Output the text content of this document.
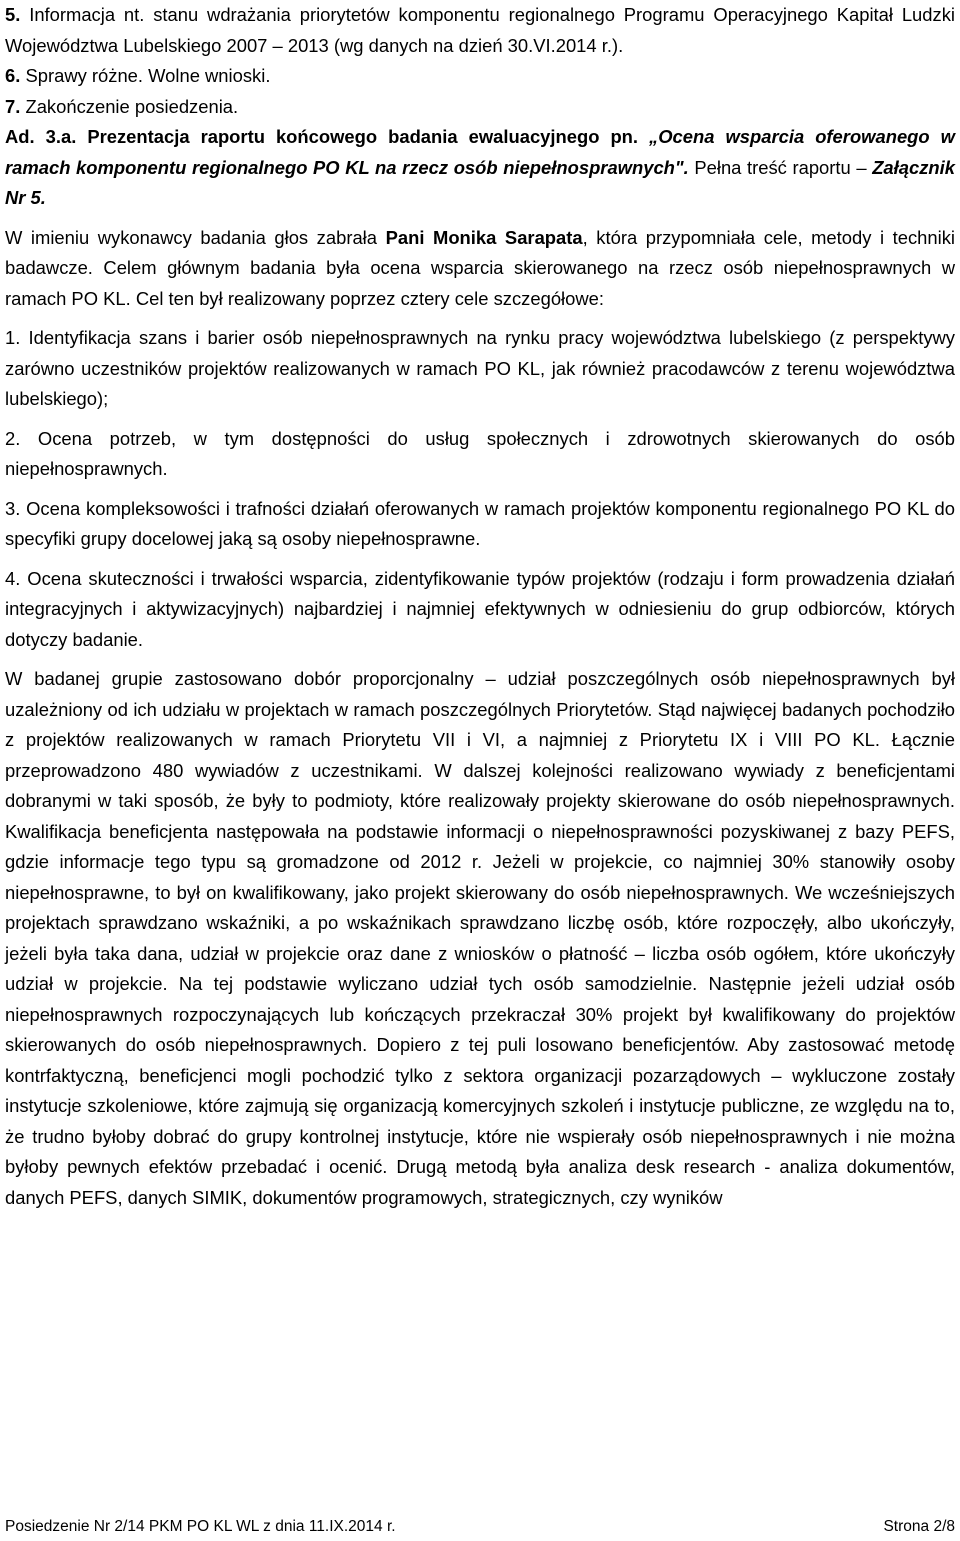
5. Informacja nt. stanu wdrażania priorytetów komponentu regionalnego Programu Operacyjnego Kapitał Ludzki Województwa Lubelskiego 2007 – 2013 (wg danych na dzień 30.VI.2014 r.).

6. Sprawy różne. Wolne wnioski.

7. Zakończenie posiedzenia.

Ad. 3.a. Prezentacja raportu końcowego badania ewaluacyjnego pn. „Ocena wsparcia oferowanego w ramach komponentu regionalnego PO KL na rzecz osób niepełnosprawnych". Pełna treść raportu – Załącznik Nr 5.

W imieniu wykonawcy badania głos zabrała Pani Monika Sarapata, która przypomniała cele, metody i techniki badawcze. Celem głównym badania była ocena wsparcia skierowanego na rzecz osób niepełnosprawnych w ramach PO KL. Cel ten był realizowany poprzez cztery cele szczegółowe:

1. Identyfikacja szans i barier osób niepełnosprawnych na rynku pracy województwa lubelskiego (z perspektywy zarówno uczestników projektów realizowanych w ramach PO KL, jak również pracodawców z terenu województwa lubelskiego);

2. Ocena potrzeb, w tym dostępności do usług społecznych i zdrowotnych skierowanych do osób niepełnosprawnych.

3. Ocena kompleksowości i trafności działań oferowanych w ramach projektów komponentu regionalnego PO KL do specyfiki grupy docelowej jaką są osoby niepełnosprawne.

4. Ocena skuteczności i trwałości wsparcia, zidentyfikowanie typów projektów (rodzaju i form prowadzenia działań integracyjnych i aktywizacyjnych) najbardziej i najmniej efektywnych w odniesieniu do grup odbiorców, których dotyczy badanie.

W badanej grupie zastosowano dobór proporcjonalny – udział poszczególnych osób niepełnosprawnych był uzależniony od ich udziału w projektach w ramach poszczególnych Priorytetów. Stąd najwięcej badanych pochodziło z projektów realizowanych w ramach Priorytetu VII i VI, a najmniej z Priorytetu IX i VIII PO KL. Łącznie przeprowadzono 480 wywiadów z uczestnikami. W dalszej kolejności realizowano wywiady z beneficjentami dobranymi w taki sposób, że były to podmioty, które realizowały projekty skierowane do osób niepełnosprawnych. Kwalifikacja beneficjenta następowała na podstawie informacji o niepełnosprawności pozyskiwanej z bazy PEFS, gdzie informacje tego typu są gromadzone od 2012 r. Jeżeli w projekcie, co najmniej 30% stanowiły osoby niepełnosprawne, to był on kwalifikowany, jako projekt skierowany do osób niepełnosprawnych. We wcześniejszych projektach sprawdzano wskaźniki, a po wskaźnikach sprawdzano liczbę osób, które rozpoczęły, albo ukończyły, jeżeli była taka dana, udział w projekcie oraz dane z wniosków o płatność – liczba osób ogółem, które ukończyły udział w projekcie. Na tej podstawie wyliczano udział tych osób samodzielnie. Następnie jeżeli udział osób niepełnosprawnych rozpoczynających lub kończących przekraczał 30% projekt był kwalifikowany do projektów skierowanych do osób niepełnosprawnych. Dopiero z tej puli losowano beneficjentów. Aby zastosować metodę kontrfaktyczną, beneficjenci mogli pochodzić tylko z sektora organizacji pozarządowych – wykluczone zostały instytucje szkoleniowe, które zajmują się organizacją komercyjnych szkoleń i instytucje publiczne, ze względu na to, że trudno byłoby dobrać do grupy kontrolnej instytucje, które nie wspierały osób niepełnosprawnych i nie można byłoby pewnych efektów przebadać i ocenić. Drugą metodą była analiza desk research - analiza dokumentów, danych PEFS, danych SIMIK, dokumentów programowych, strategicznych, czy wyników

Posiedzenie Nr 2/14 PKM PO KL WL z dnia 11.IX.2014 r.	Strona 2/8
